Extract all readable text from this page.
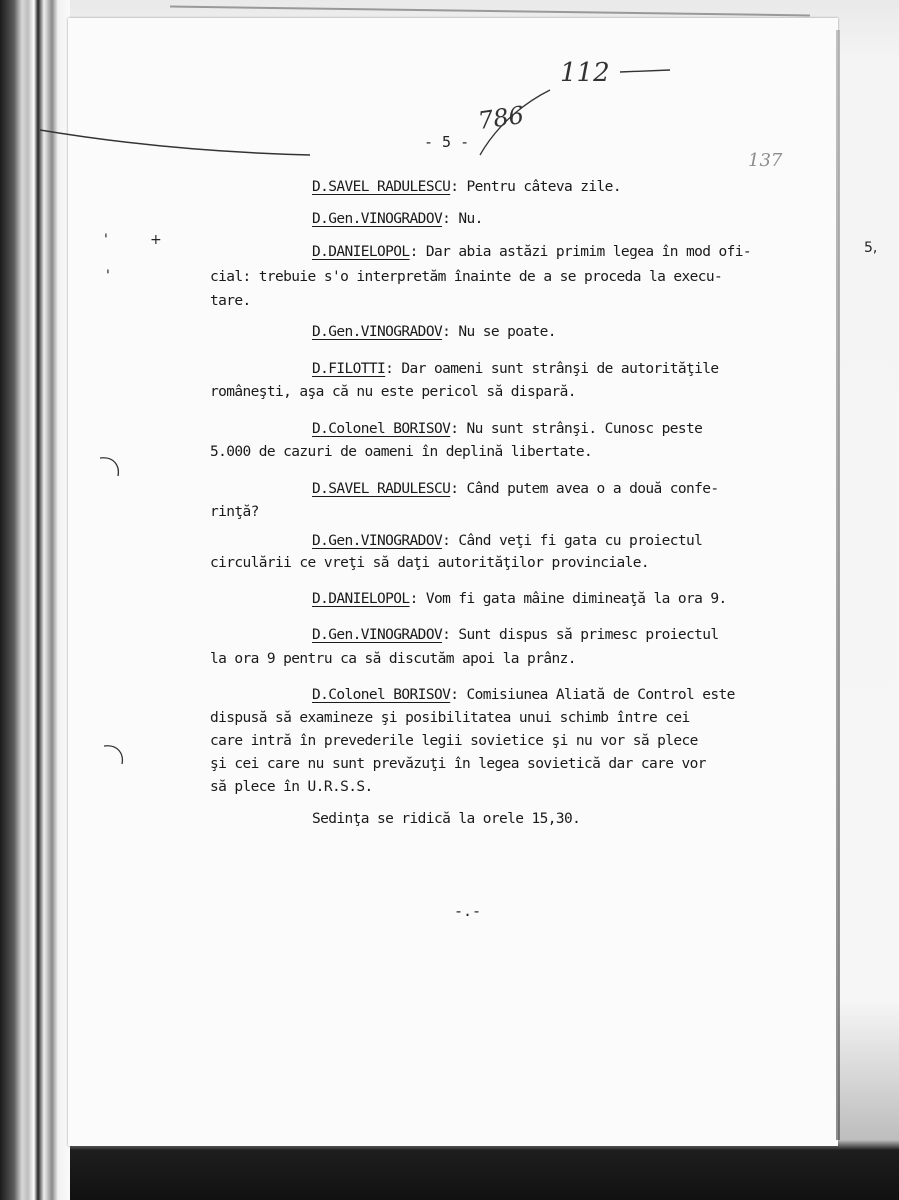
112
786
137
- 5 -
'
'
+	5,
D.SAVEL RADULESCU: Pentru câteva zile.
D.Gen.VINOGRADOV: Nu.
D.DANIELOPOL: Dar abia astăzi primim legea în mod ofi-
cial: trebuie s'o interpretăm înainte de a se proceda la execu-
tare.
D.Gen.VINOGRADOV: Nu se poate.
D.FILOTTI: Dar oameni sunt strânşi de autorităţile
româneşti, aşa că nu este pericol să dispară.
D.Colonel BORISOV: Nu sunt strânşi. Cunosc peste
5.000 de cazuri de oameni în deplină libertate.
D.SAVEL RADULESCU: Când putem avea o a două confe-
rinţă?
D.Gen.VINOGRADOV: Când veţi fi gata cu proiectul
circulării ce vreţi să daţi autorităţilor provinciale.
D.DANIELOPOL: Vom fi gata mâine dimineaţă la ora 9.
D.Gen.VINOGRADOV: Sunt dispus să primesc proiectul
la ora 9 pentru ca să discutăm apoi la prânz.
D.Colonel BORISOV: Comisiunea Aliată de Control este
dispusă să examineze şi posibilitatea unui schimb între cei
care intră în prevederile legii sovietice şi nu vor să plece
şi cei care nu sunt prevăzuţi în legea sovietică dar care vor
să plece în U.R.S.S.
Sedinţa se ridică la orele 15,30.
-.-
